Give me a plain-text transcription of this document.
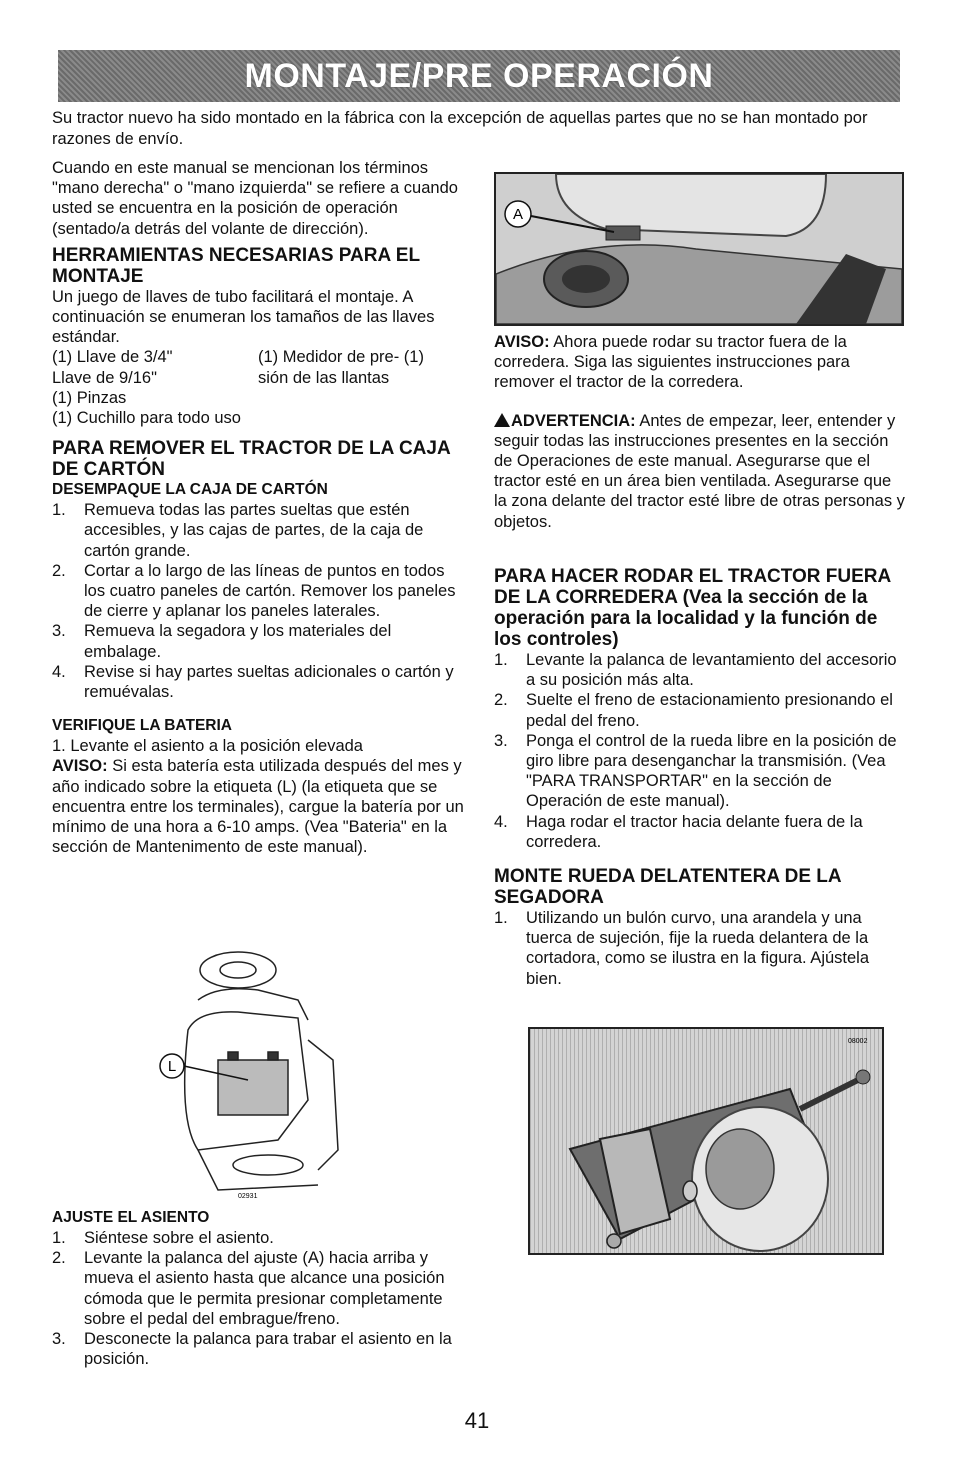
MONTAJE/PRE OPERACIÓN

Su tractor nuevo ha sido montado en la fábrica con la excepción de aquellas partes que no se han montado por razones de envío.

Cuando en este manual se mencionan los términos "mano derecha" o "mano izquierda" se refiere a cuando usted se encuentra en la posición de operación (sentado/a detrás del volante de dirección).

HERRAMIENTAS NECESARIAS PARA EL MONTAJE

Un juego de llaves de tubo facilitará el montaje. A continuación se enumeran los tamaños de las llaves estándar.

(1) Llave de 3/4"	(1) Medidor de pre- (1)
Llave de 9/16"	sión de las llantas

(1) Pinzas

(1) Cuchillo para todo uso

PARA REMOVER EL TRACTOR DE LA CAJA DE CARTÓN

DESEMPAQUE LA CAJA DE CARTÓN

1. Remueva todas las partes sueltas que estén accesibles, y las cajas de partes, de la caja de cartón grande.
2. Cortar a lo largo de las líneas de puntos en todos los cuatro paneles de cartón. Remover los paneles de cierre y aplanar los paneles laterales.
3. Remueva la segadora y los materiales del embalage.
4. Revise si hay partes sueltas adicionales o cartón y remuévalas.

VERIFIQUE LA BATERIA

1. Levante el asiento a la posición elevada

AVISO: Si esta batería esta utilizada después del mes y año indicado sobre la etiqueta (L) (la etiqueta que se encuentra entre los terminales), cargue la batería por un mínimo de una hora a 6-10 amps. (Vea "Bateria" en la sección de Mantenimento de este manual).

L
02931

AJUSTE EL ASIENTO

1. Siéntese sobre el asiento.
2. Levante la palanca del ajuste (A) hacia arriba y mueva el asiento hasta que alcance una posición cómoda que le permita presionar completamente sobre el pedal del embrague/freno.
3. Desconecte la palanca para trabar el asiento en la posición.
A

AVISO: Ahora puede rodar su tractor fuera de la corredera. Siga las siguientes instrucciones para remover el tractor de la corredera.

ADVERTENCIA: Antes de empezar, leer, entender y seguir todas las instrucciones presentes en la sección de Operaciones de este manual. Asegurarse que el tractor esté en un área bien ventilada. Asegurarse que la zona delante del tractor esté libre de otras personas y objetos.

PARA HACER RODAR EL TRACTOR FUERA DE LA CORREDERA (Vea la sección de la operación para la localidad y la función de los controles)

1. Levante la palanca de levantamiento del accesorio a su posición más alta.
2. Suelte el freno de estacionamiento presionando el pedal del freno.
3. Ponga el control de la rueda libre en la posición de giro libre para desenganchar la transmisión. (Vea "PARA TRANSPORTAR" en la sección de Operación de este manual).
4. Haga rodar el tractor hacia delante fuera de la corredera.

MONTE RUEDA DELATENTERA DE LA SEGADORA

1. Utilizando un bulón curvo, una arandela y una tuerca de sujeción, fije la rueda delantera de la cortadora, como se ilustra en la figura. Ajústela bien.
08002
41
